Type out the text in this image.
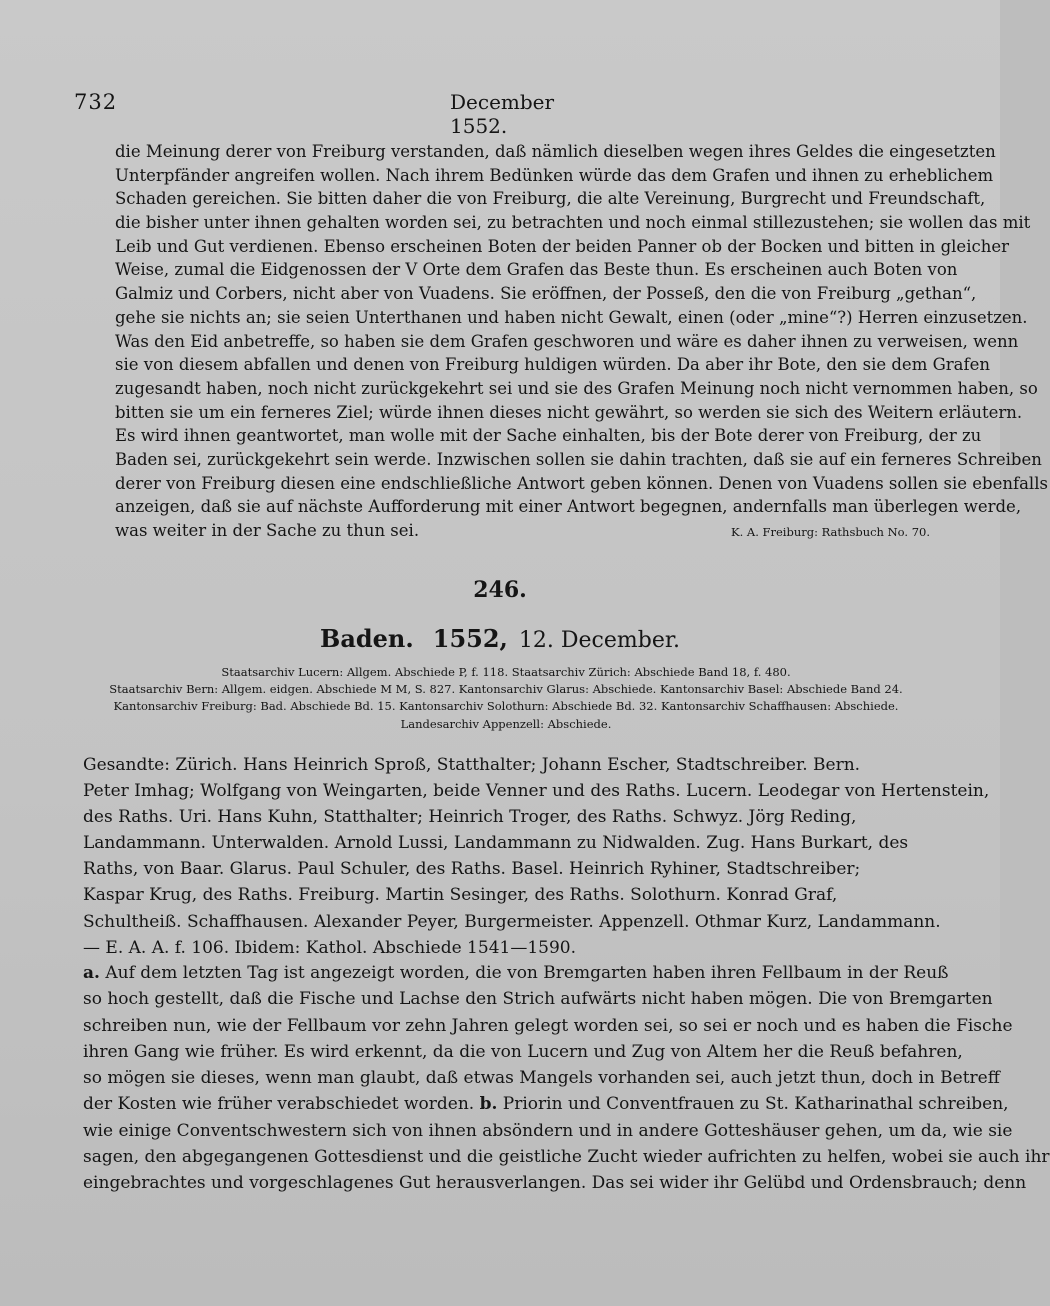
732	December 1552.
die Meinung derer von Freiburg verstanden, daß nämlich dieselben wegen ihres Geldes die eingesetzten
Unterpfänder angreifen wollen. Nach ihrem Bedünken würde das dem Grafen und ihnen zu erheblichem
Schaden gereichen. Sie bitten daher die von Freiburg, die alte Vereinung, Burgrecht und Freundschaft,
die bisher unter ihnen gehalten worden sei, zu betrachten und noch einmal stillezustehen; sie wollen das mit
Leib und Gut verdienen. Ebenso erscheinen Boten der beiden Panner ob der Bocken und bitten in gleicher
Weise, zumal die Eidgenossen der V Orte dem Grafen das Beste thun. Es erscheinen auch Boten von
Galmiz und Corbers, nicht aber von Vuadens. Sie eröffnen, der Posseß, den die von Freiburg „gethan“,
gehe sie nichts an; sie seien Unterthanen und haben nicht Gewalt, einen (oder „mine“?) Herren einzusetzen.
Was den Eid anbetreffe, so haben sie dem Grafen geschworen und wäre es daher ihnen zu verweisen, wenn
sie von diesem abfallen und denen von Freiburg huldigen würden. Da aber ihr Bote, den sie dem Grafen
zugesandt haben, noch nicht zurückgekehrt sei und sie des Grafen Meinung noch nicht vernommen haben, so
bitten sie um ein ferneres Ziel; würde ihnen dieses nicht gewährt, so werden sie sich des Weitern erläutern.
Es wird ihnen geantwortet, man wolle mit der Sache einhalten, bis der Bote derer von Freiburg, der zu
Baden sei, zurückgekehrt sein werde. Inzwischen sollen sie dahin trachten, daß sie auf ein ferneres Schreiben
derer von Freiburg diesen eine endschließliche Antwort geben können. Denen von Vuadens sollen sie ebenfalls
anzeigen, daß sie auf nächste Aufforderung mit einer Antwort begegnen, andernfalls man überlegen werde,
was weiter in der Sache zu thun sei.	K. A. Freiburg: Rathsbuch No. 70.
246.
Baden. 1552, 12. December.
Staatsarchiv Lucern: Allgem. Abschiede P, f. 118. Staatsarchiv Zürich: Abschiede Band 18, f. 480.
Staatsarchiv Bern: Allgem. eidgen. Abschiede M M, S. 827. Kantonsarchiv Glarus: Abschiede. Kantonsarchiv Basel: Abschiede Band 24.
Kantonsarchiv Freiburg: Bad. Abschiede Bd. 15. Kantonsarchiv Solothurn: Abschiede Bd. 32. Kantonsarchiv Schaffhausen: Abschiede.
Landesarchiv Appenzell: Abschiede.
Gesandte: Zürich. Hans Heinrich Sproß, Statthalter; Johann Escher, Stadtschreiber. Bern.
Peter Imhag; Wolfgang von Weingarten, beide Venner und des Raths. Lucern. Leodegar von Hertenstein,
des Raths. Uri. Hans Kuhn, Statthalter; Heinrich Troger, des Raths. Schwyz. Jörg Reding,
Landammann. Unterwalden. Arnold Lussi, Landammann zu Nidwalden. Zug. Hans Burkart, des
Raths, von Baar. Glarus. Paul Schuler, des Raths. Basel. Heinrich Ryhiner, Stadtschreiber;
Kaspar Krug, des Raths. Freiburg. Martin Sesinger, des Raths. Solothurn. Konrad Graf,
Schultheiß. Schaffhausen. Alexander Peyer, Burgermeister. Appenzell. Othmar Kurz, Landammann.
— E. A. A. f. 106. Ibidem: Kathol. Abschiede 1541—1590.
a. Auf dem letzten Tag ist angezeigt worden, die von Bremgarten haben ihren Fellbaum in der Reuß
so hoch gestellt, daß die Fische und Lachse den Strich aufwärts nicht haben mögen. Die von Bremgarten
schreiben nun, wie der Fellbaum vor zehn Jahren gelegt worden sei, so sei er noch und es haben die Fische
ihren Gang wie früher. Es wird erkennt, da die von Lucern und Zug von Altem her die Reuß befahren,
so mögen sie dieses, wenn man glaubt, daß etwas Mangels vorhanden sei, auch jetzt thun, doch in Betreff
der Kosten wie früher verabschiedet worden. b. Priorin und Conventfrauen zu St. Katharinathal schreiben,
wie einige Conventschwestern sich von ihnen absöndern und in andere Gotteshäuser gehen, um da, wie sie
sagen, den abgegangenen Gottesdienst und die geistliche Zucht wieder aufrichten zu helfen, wobei sie auch ihr
eingebrachtes und vorgeschlagenes Gut herausverlangen. Das sei wider ihr Gelübd und Ordensbrauch; denn
